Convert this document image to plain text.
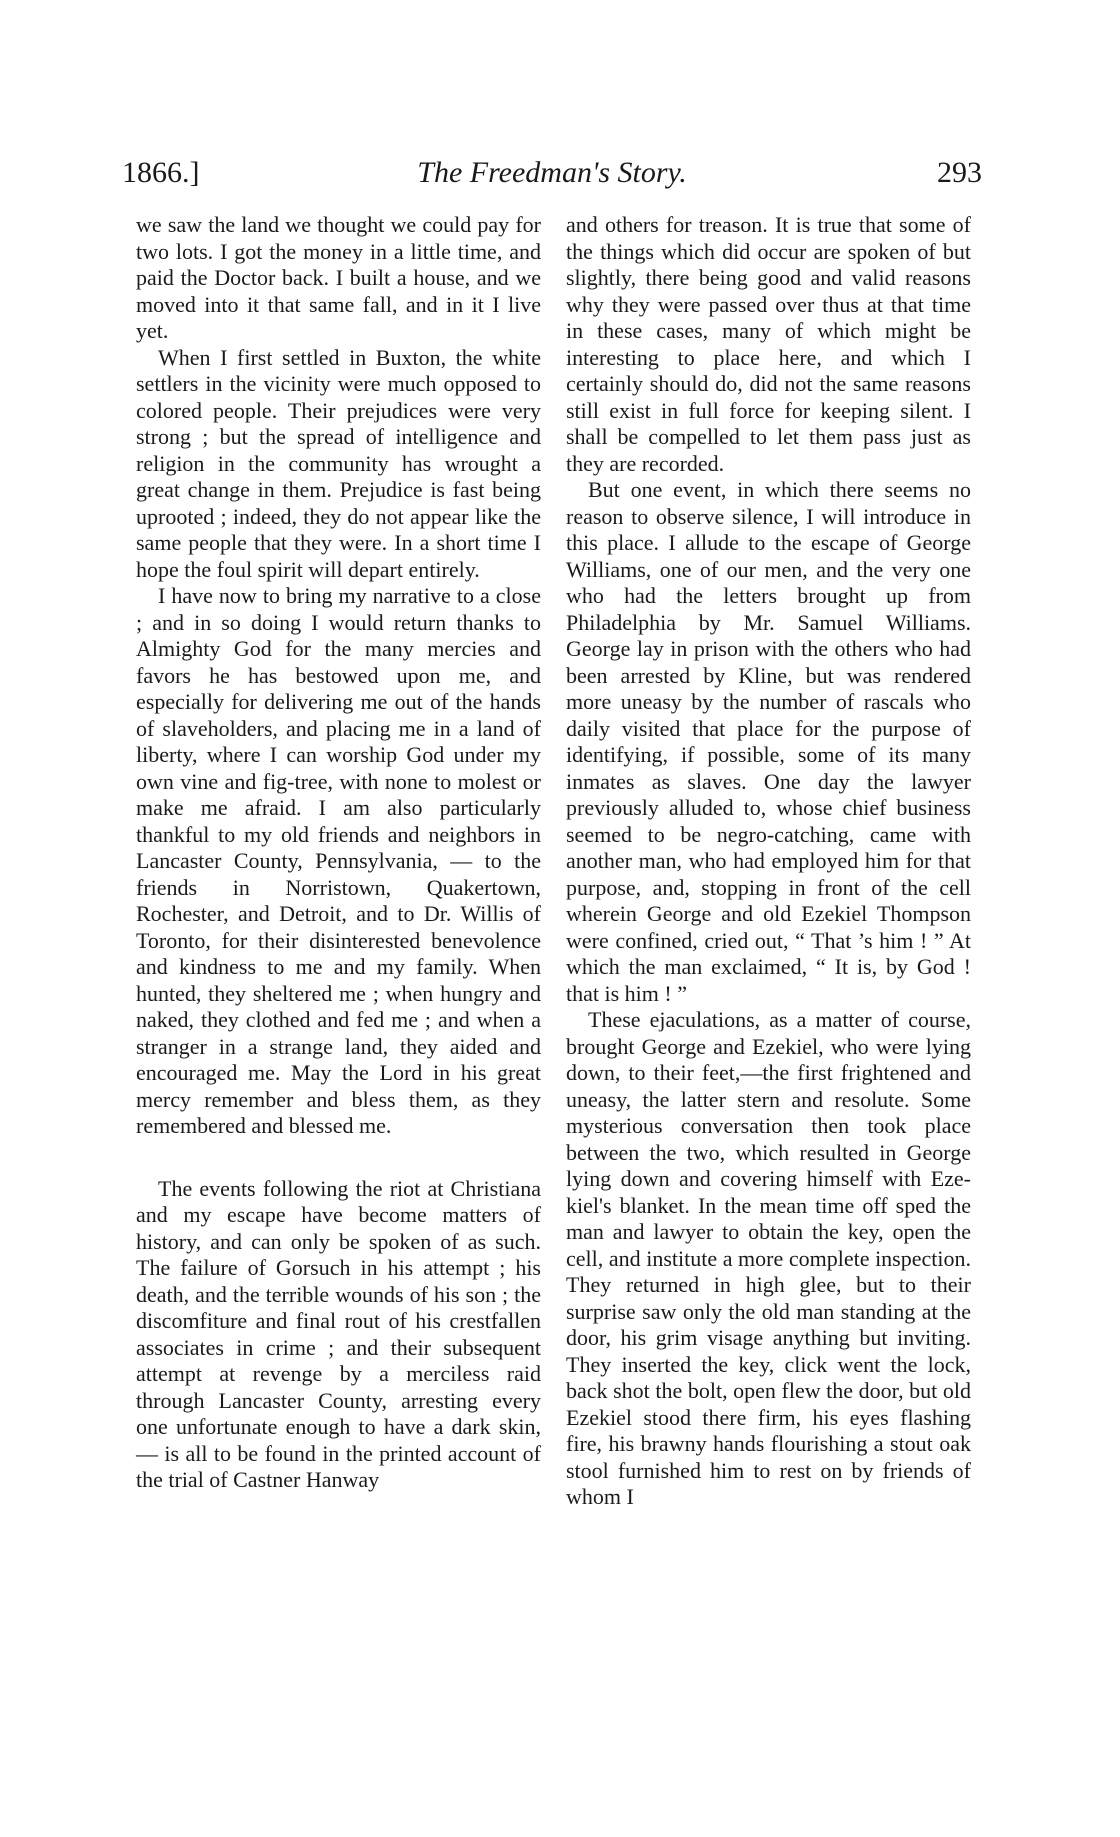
1866.]	The Freedman's Story.	293

we saw the land we thought we could pay for two lots. I got the money in a little time, and paid the Doctor back. I built a house, and we moved into it that same fall, and in it I live yet.

When I first settled in Buxton, the white settlers in the vicinity were much opposed to colored people. Their prejudices were very strong ; but the spread of intelligence and religion in the community has wrought a great change in them. Prejudice is fast being uprooted ; indeed, they do not appear like the same people that they were. In a short time I hope the foul spirit will depart entirely.

I have now to bring my narrative to a close ; and in so doing I would return thanks to Almighty God for the many mercies and favors he has bestowed upon me, and especially for delivering me out of the hands of slaveholders, and placing me in a land of liberty, where I can worship God under my own vine and fig-tree, with none to molest or make me afraid. I am also particularly thankful to my old friends and neighbors in Lancaster County, Pennsylvania, — to the friends in Norristown, Quakertown, Rochester, and Detroit, and to Dr. Willis of Toronto, for their disinterested benevolence and kindness to me and my family. When hunted, they sheltered me ; when hungry and naked, they clothed and fed me ; and when a stranger in a strange land, they aided and encouraged me. May the Lord in his great mercy remember and bless them, as they remembered and blessed me.

The events following the riot at Christiana and my escape have become matters of history, and can only be spoken of as such. The failure of Gorsuch in his attempt ; his death, and the terrible wounds of his son ; the discomfiture and final rout of his crestfallen associates in crime ; and their subsequent attempt at revenge by a merciless raid through Lancaster County, arresting every one unfortunate enough to have a dark skin, — is all to be found in the printed account of the trial of Castner Hanway

and others for treason. It is true that some of the things which did occur are spoken of but slightly, there being good and valid reasons why they were passed over thus at that time in these cases, many of which might be interesting to place here, and which I certainly should do, did not the same reasons still exist in full force for keeping silent. I shall be compelled to let them pass just as they are recorded.

But one event, in which there seems no reason to observe silence, I will introduce in this place. I allude to the escape of George Williams, one of our men, and the very one who had the letters brought up from Philadelphia by Mr. Samuel Williams. George lay in prison with the others who had been arrested by Kline, but was rendered more uneasy by the number of rascals who daily visited that place for the purpose of identifying, if possible, some of its many inmates as slaves. One day the lawyer previously alluded to, whose chief business seemed to be negro-catching, came with another man, who had employed him for that purpose, and, stopping in front of the cell wherein George and old Ezekiel Thompson were confined, cried out, “ That ’s him ! ” At which the man exclaimed, “ It is, by God ! that is him ! ”

These ejaculations, as a matter of course, brought George and Ezekiel, who were lying down, to their feet,—the first frightened and uneasy, the latter stern and resolute. Some mysterious conversation then took place between the two, which resulted in George lying down and covering himself with Ezekiel's blanket. In the mean time off sped the man and lawyer to obtain the key, open the cell, and institute a more complete inspection. They returned in high glee, but to their surprise saw only the old man standing at the door, his grim visage anything but inviting. They inserted the key, click went the lock, back shot the bolt, open flew the door, but old Ezekiel stood there firm, his eyes flashing fire, his brawny hands flourishing a stout oak stool furnished him to rest on by friends of whom I
